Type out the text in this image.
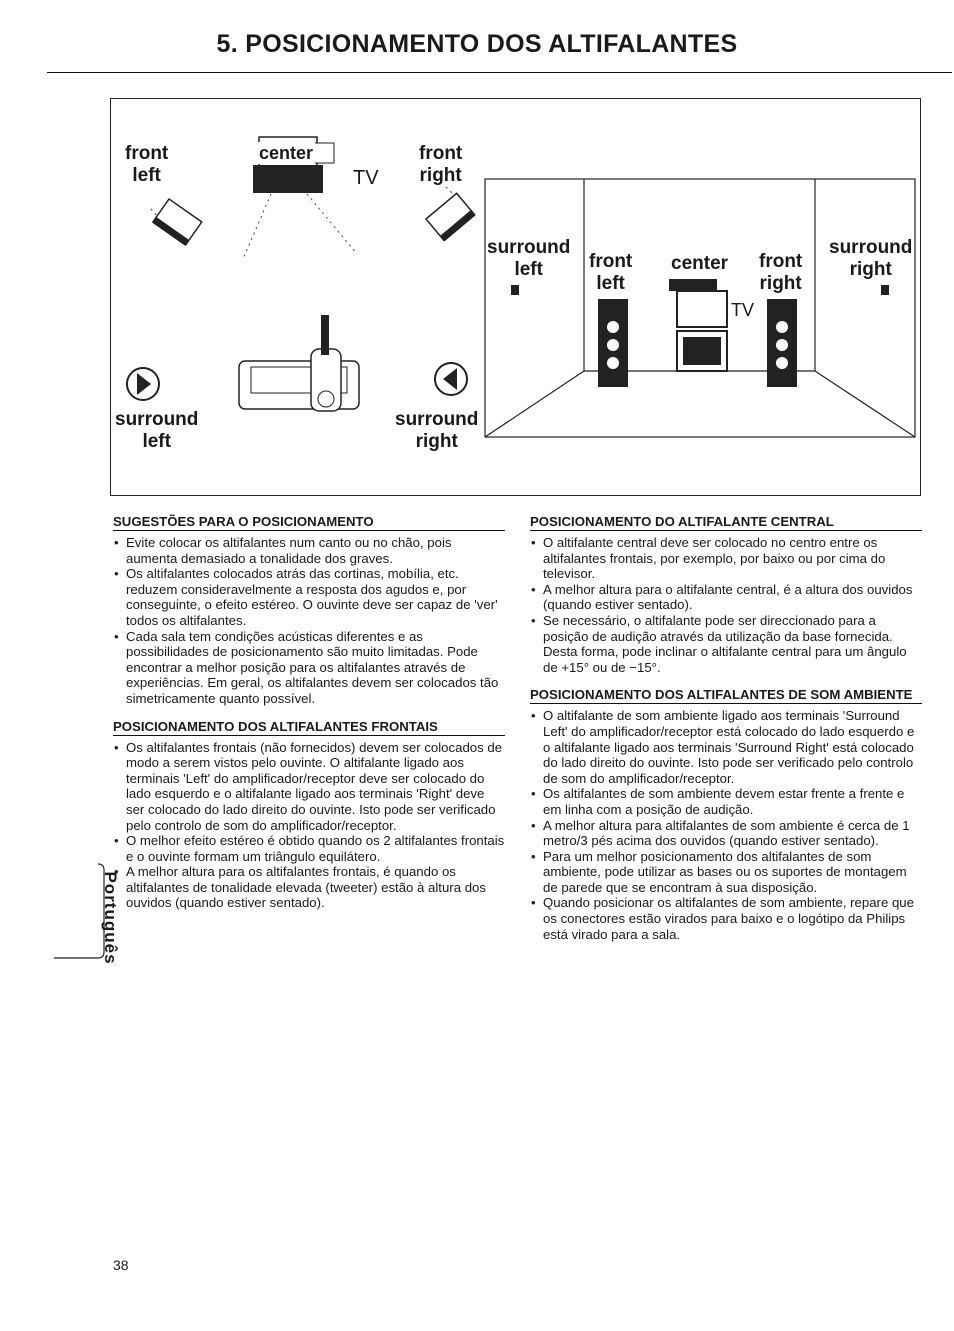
5. POSICIONAMENTO DOS ALTIFALANTES
front
left
center
TV
front
right
surround
left
surround
right
surround
left	front
left
center front
right
surround
right
TV
SUGESTÕES PARA O POSICIONAMENTO
• Evite colocar os altifalantes num canto ou no chão, pois aumenta demasiado a tonalidade dos graves.
• Os altifalantes colocados atrás das cortinas, mobília, etc. reduzem consideravelmente a resposta dos agudos e, por conseguinte, o efeito estéreo. O ouvinte deve ser capaz de 'ver' todos os altifalantes.
• Cada sala tem condições acústicas diferentes e as possibilidades de posicionamento são muito limitadas. Pode encontrar a melhor posição para os altifalantes através de experiências. Em geral, os altifalantes devem ser colocados tão simetricamente quanto possível.
POSICIONAMENTO DOS ALTIFALANTES FRONTAIS
• Os altifalantes frontais (não fornecidos) devem ser colocados de modo a serem vistos pelo ouvinte. O altifalante ligado aos terminais 'Left' do amplificador/receptor deve ser colocado do lado esquerdo e o altifalante ligado aos terminais 'Right' deve ser colocado do lado direito do ouvinte. Isto pode ser verificado pelo controlo de som do amplificador/receptor.
• O melhor efeito estéreo é obtido quando os 2 altifalantes frontais e o ouvinte formam um triângulo equilátero.
• A melhor altura para os altifalantes frontais, é quando os altifalantes de tonalidade elevada (tweeter) estão à altura dos ouvidos (quando estiver sentado).
POSICIONAMENTO DO ALTIFALANTE CENTRAL
• O altifalante central deve ser colocado no centro entre os altifalantes frontais, por exemplo, por baixo ou por cima do televisor.
• A melhor altura para o altifalante central, é a altura dos ouvidos (quando estiver sentado).
• Se necessário, o altifalante pode ser direccionado para a posição de audição através da utilização da base fornecida. Desta forma, pode inclinar o altifalante central para um ângulo de +15° ou de −15°.
POSICIONAMENTO DOS ALTIFALANTES DE SOM AMBIENTE
• O altifalante de som ambiente ligado aos terminais 'Surround Left' do amplificador/receptor está colocado do lado esquerdo e o altifalante ligado aos terminais 'Surround Right' está colocado do lado direito do ouvinte. Isto pode ser verificado pelo controlo de som do amplificador/receptor.
• Os altifalantes de som ambiente devem estar frente a frente e em linha com a posição de audição.
• A melhor altura para altifalantes de som ambiente é cerca de 1 metro/3 pés acima dos ouvidos (quando estiver sentado).
• Para um melhor posicionamento dos altifalantes de som ambiente, pode utilizar as bases ou os suportes de montagem de parede que se encontram à sua disposição.
• Quando posicionar os altifalantes de som ambiente, repare que os conectores estão virados para baixo e o logótipo da Philips está virado para a sala.
Português
38
